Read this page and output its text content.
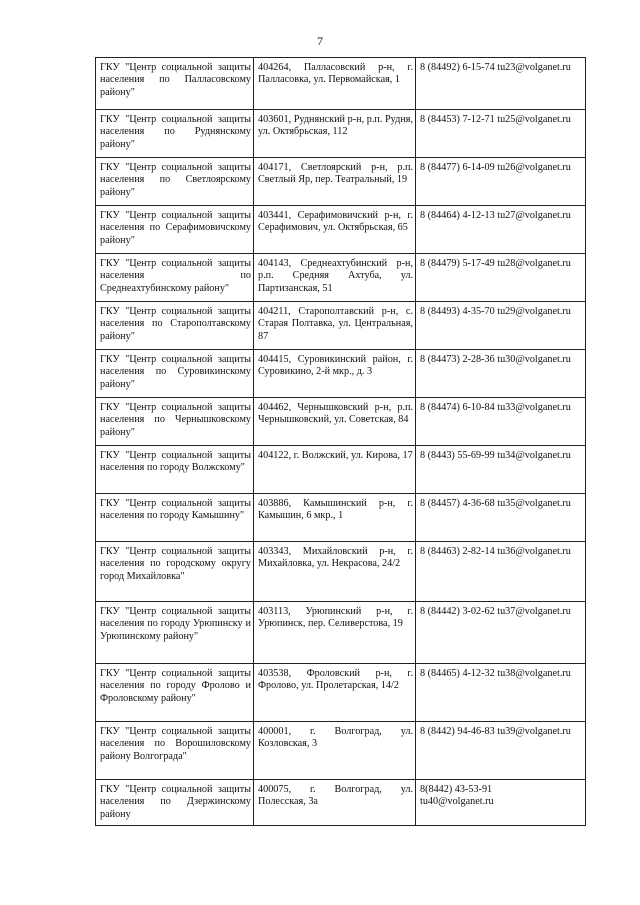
7
ГКУ "Центр социальной защиты населения по Палласовскому району"	404264, Палласовский р-н, г. Палласовка, ул. Первомайская, 1	8 (84492) 6-15-74 tu23@volganet.ru

ГКУ "Центр социальной защиты населения по Руднянскому району"	403601, Руднянский р-н, р.п. Рудня, ул. Октябрьская, 112	8 (84453) 7-12-71 tu25@volganet.ru

ГКУ "Центр социальной защиты населения по Светлоярскому району"	404171, Светлоярский р-н, р.п. Светлый Яр, пер. Театральный, 19	8 (84477) 6-14-09 tu26@volganet.ru

ГКУ "Центр социальной защиты населения по Серафимовичскому району"	403441, Серафимовичский р-н, г. Серафимович, ул. Октябрьская, 65	8 (84464) 4-12-13 tu27@volganet.ru

ГКУ "Центр социальной защиты населения по Среднеахтубинскому району"	404143, Среднеахтубинский р-н, р.п. Средняя Ахтуба, ул. Партизанская, 51	8 (84479) 5-17-49 tu28@volganet.ru

ГКУ "Центр социальной защиты населения по Старополтавскому району"	404211, Старополтавский р-н, с. Старая Полтавка, ул. Центральная, 87	8 (84493) 4-35-70 tu29@volganet.ru

ГКУ "Центр социальной защиты населения по Суровикинскому району"	404415, Суровикинский район, г. Суровикино, 2-й мкр., д. 3	8 (84473) 2-28-36 tu30@volganet.ru

ГКУ "Центр социальной защиты населения по Чернышковскому району"	404462, Чернышковский р-н, р.п. Чернышковский, ул. Советская, 84	8 (84474) 6-10-84 tu33@volganet.ru

ГКУ "Центр социальной защиты населения по городу Волжскому"	404122, г. Волжский, ул. Кирова, 17	8 (8443) 55-69-99 tu34@volganet.ru

ГКУ "Центр социальной защиты населения по городу Камышину"	403886, Камышинский р-н, г. Камышин, 6 мкр., 1	8 (84457) 4-36-68 tu35@volganet.ru

ГКУ "Центр социальной защиты населения по городскому округу город Михайловка"	403343, Михайловский р-н, г. Михайловка, ул. Некрасова, 24/2	8 (84463) 2-82-14 tu36@volganet.ru

ГКУ "Центр социальной защиты населения по городу Урюпинску и Урюпинскому району"	403113, Урюпинский р-н, г. Урюпинск, пер. Селиверстова, 19	8 (84442) 3-02-62 tu37@volganet.ru

ГКУ "Центр социальной защиты населения по городу Фролово и Фроловскому району"	403538, Фроловский р-н, г. Фролово, ул. Пролетарская, 14/2	8 (84465) 4-12-32 tu38@volganet.ru

ГКУ "Центр социальной защиты населения по Ворошиловскому району Волгограда"	400001, г. Волгоград, ул. Козловская, 3	8 (8442) 94-46-83 tu39@volganet.ru

ГКУ "Центр социальной защиты населения по Дзержинскому району	400075, г. Волгоград, ул. Полесская, 3а	8(8442) 43-53-91
tu40@volganet.ru
